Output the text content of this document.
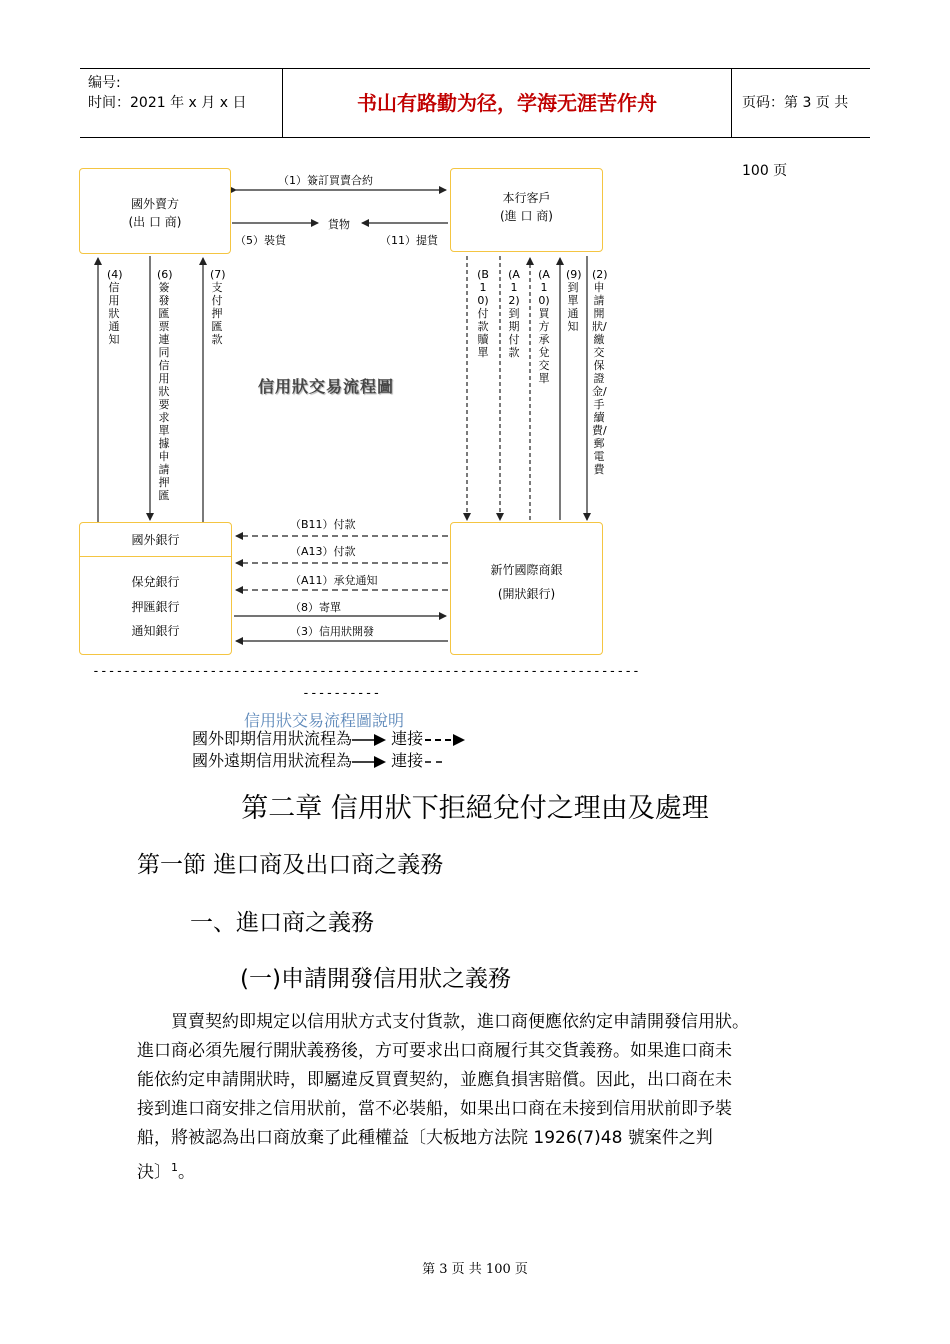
编号:
时间：2021 年 x 月 x 日	书山有路勤为径，学海无涯苦作舟	页码：第 3 页 共 100 页
國外賣方
(出 口 商)
本行客戶
(進 口 商)
國外銀行
保兌銀行
押匯銀行
通知銀行
新竹國際商銀
(開狀銀行)
（1）簽訂買賣合約
貨物
（5）裝貨	（11）提貨
(4)信用狀通知
(6)簽發匯票連同信用狀要求單據申請押匯
(7)支付押匯款
(B10)付款贖單
(A12)到期付款
(A10)買方承兌交單
(9)到單通知
(2)申請開狀/繳交保證金/手續費/郵電費
（B11）付款
（A13）付款
（A11）承兌通知
（8）寄單
（3）信用狀開發
信用狀交易流程圖
----------------------------------------------------------------------
----------
信用狀交易流程圖說明
國外即期信用狀流程為 連接
國外遠期信用狀流程為 連接
第二章 信用狀下拒絕兌付之理由及處理
第一節 進口商及出口商之義務
一、進口商之義務
(一)申請開發信用狀之義務
買賣契約即規定以信用狀方式支付貨款，進口商便應依約定申請開發信用狀。
進口商必須先履行開狀義務後，方可要求出口商履行其交貨義務。如果進口商未
能依約定申請開狀時，即屬違反買賣契約，並應負損害賠償。因此，出口商在未
接到進口商安排之信用狀前，當不必裝船，如果出口商在未接到信用狀前即予裝
船，將被認為出口商放棄了此種權益〔大板地方法院 1926(7)48 號案件之判
決〕$^1$。
第 3 页 共 100 页
